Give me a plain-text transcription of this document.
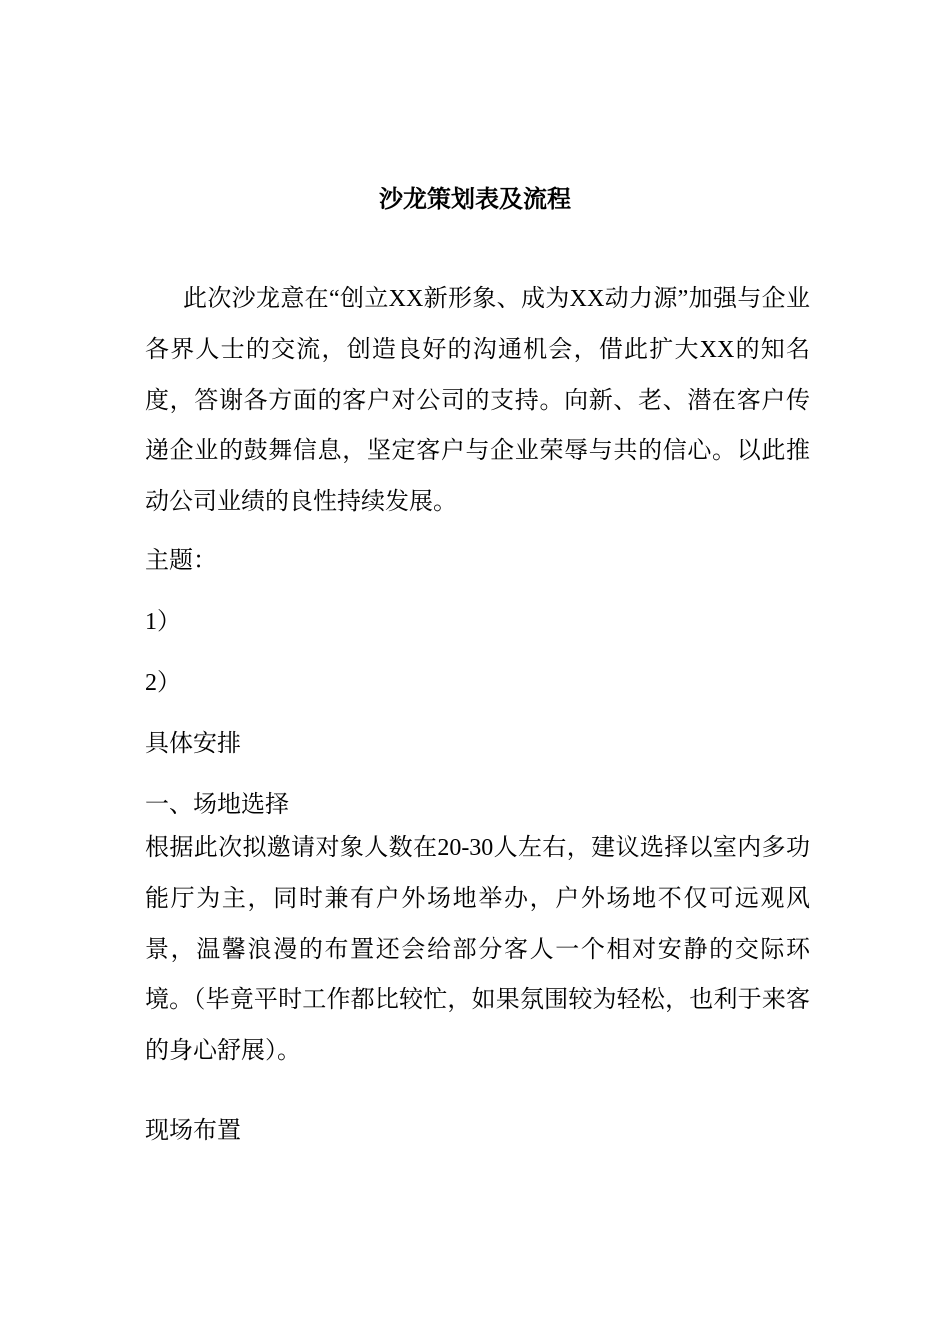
沙龙策划表及流程
此次沙龙意在“创立XX新形象、成为XX动力源”加强与企业各界人士的交流，创造良好的沟通机会，借此扩大XX的知名度，答谢各方面的客户对公司的支持。向新、老、潜在客户传递企业的鼓舞信息，坚定客户与企业荣辱与共的信心。以此推动公司业绩的良性持续发展。
主题：
1）
2）
具体安排
一、场地选择
根据此次拟邀请对象人数在20-30人左右，建议选择以室内多功能厅为主，同时兼有户外场地举办，户外场地不仅可远观风景，温馨浪漫的布置还会给部分客人一个相对安静的交际环境。（毕竟平时工作都比较忙，如果氛围较为轻松，也利于来客的身心舒展）。
现场布置
